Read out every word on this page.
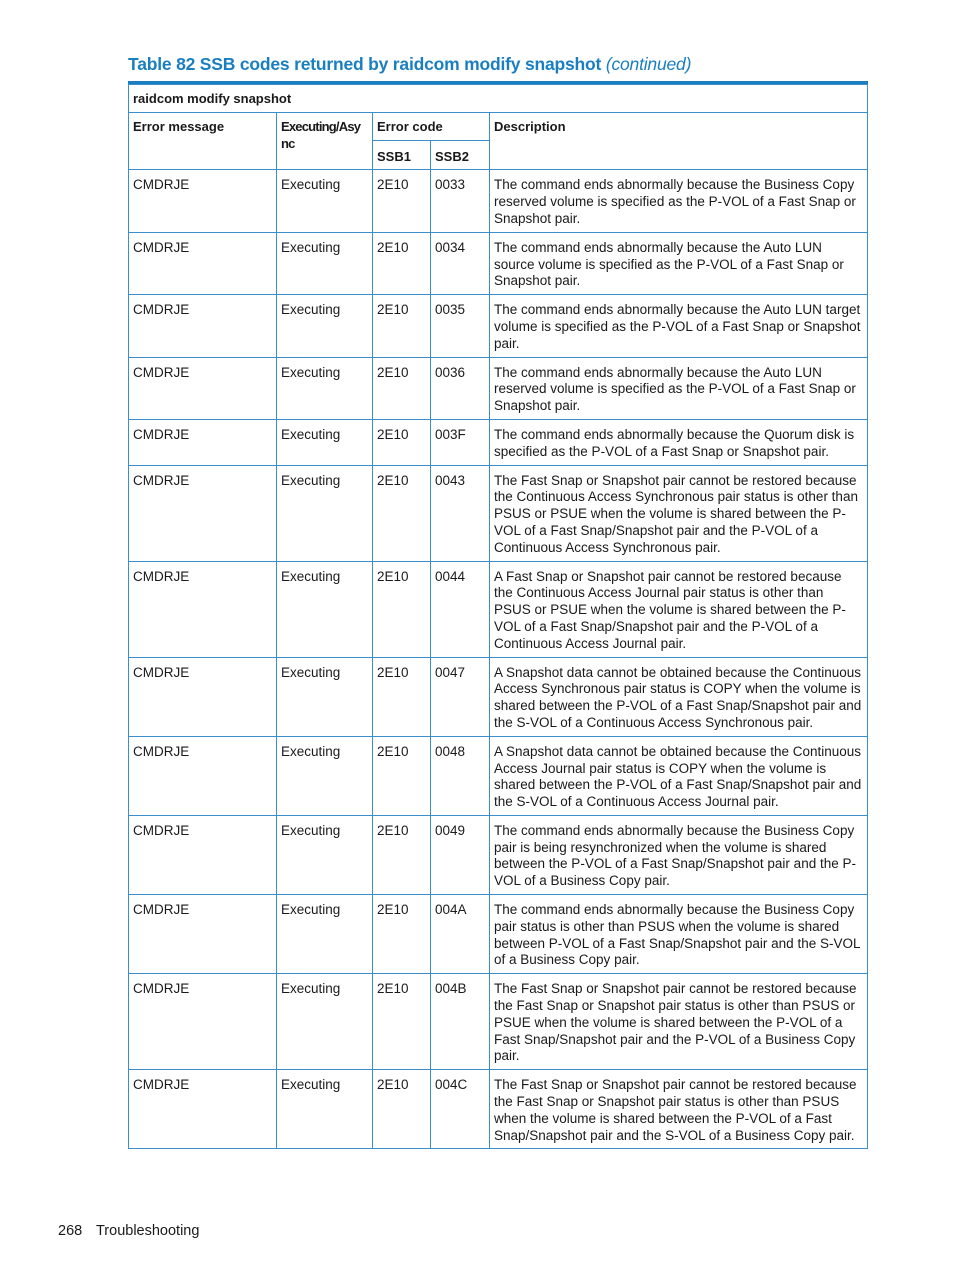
Table 82 SSB codes returned by raidcom modify snapshot (continued)
raidcom modify snapshot				
Error message	Executing/Async	Error code		Description
		SSB1	SSB2	
CMDRJE	Executing	2E10	0033	The command ends abnormally because the Business Copy reserved volume is specified as the P-VOL of a Fast Snap or Snapshot pair.
CMDRJE	Executing	2E10	0034	The command ends abnormally because the Auto LUN source volume is specified as the P-VOL of a Fast Snap or Snapshot pair.
CMDRJE	Executing	2E10	0035	The command ends abnormally because the Auto LUN target volume is specified as the P-VOL of a Fast Snap or Snapshot pair.
CMDRJE	Executing	2E10	0036	The command ends abnormally because the Auto LUN reserved volume is specified as the P-VOL of a Fast Snap or Snapshot pair.
CMDRJE	Executing	2E10	003F	The command ends abnormally because the Quorum disk is specified as the P-VOL of a Fast Snap or Snapshot pair.
CMDRJE	Executing	2E10	0043	The Fast Snap or Snapshot pair cannot be restored because the Continuous Access Synchronous pair status is other than PSUS or PSUE when the volume is shared between the P-VOL of a Fast Snap/Snapshot pair and the P-VOL of a Continuous Access Synchronous pair.
CMDRJE	Executing	2E10	0044	A Fast Snap or Snapshot pair cannot be restored because the Continuous Access Journal pair status is other than PSUS or PSUE when the volume is shared between the P-VOL of a Fast Snap/Snapshot pair and the P-VOL of a Continuous Access Journal pair.
CMDRJE	Executing	2E10	0047	A Snapshot data cannot be obtained because the Continuous Access Synchronous pair status is COPY when the volume is shared between the P-VOL of a Fast Snap/Snapshot pair and the S-VOL of a Continuous Access Synchronous pair.
CMDRJE	Executing	2E10	0048	A Snapshot data cannot be obtained because the Continuous Access Journal pair status is COPY when the volume is shared between the P-VOL of a Fast Snap/Snapshot pair and the S-VOL of a Continuous Access Journal pair.
CMDRJE	Executing	2E10	0049	The command ends abnormally because the Business Copy pair is being resynchronized when the volume is shared between the P-VOL of a Fast Snap/Snapshot pair and the P-VOL of a Business Copy pair.
CMDRJE	Executing	2E10	004A	The command ends abnormally because the Business Copy pair status is other than PSUS when the volume is shared between P-VOL of a Fast Snap/Snapshot pair and the S-VOL of a Business Copy pair.
CMDRJE	Executing	2E10	004B	The Fast Snap or Snapshot pair cannot be restored because the Fast Snap or Snapshot pair status is other than PSUS or PSUE when the volume is shared between the P-VOL of a Fast Snap/Snapshot pair and the P-VOL of a Business Copy pair.
CMDRJE	Executing	2E10	004C	The Fast Snap or Snapshot pair cannot be restored because the Fast Snap or Snapshot pair status is other than PSUS when the volume is shared between the P-VOL of a Fast Snap/Snapshot pair and the S-VOL of a Business Copy pair.
268 Troubleshooting
